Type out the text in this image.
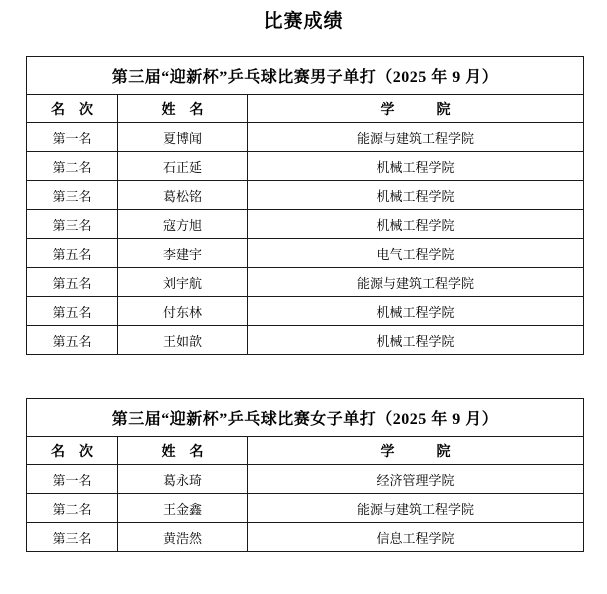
比赛成绩
第三届“迎新杯”乒乓球比赛男子单打（2025 年 9 月）		
名　次	姓　名	学　　　院
第一名	夏博闻	能源与建筑工程学院
第二名	石正延	机械工程学院
第三名	葛松铭	机械工程学院
第三名	寇方旭	机械工程学院
第五名	李建宇	电气工程学院
第五名	刘宇航	能源与建筑工程学院
第五名	付东林	机械工程学院
第五名	王如歆	机械工程学院
第三届“迎新杯”乒乓球比赛女子单打（2025 年 9 月）		
名　次	姓　名	学　　　院
第一名	葛永琦	经济管理学院
第二名	王金鑫	能源与建筑工程学院
第三名	黄浩然	信息工程学院
